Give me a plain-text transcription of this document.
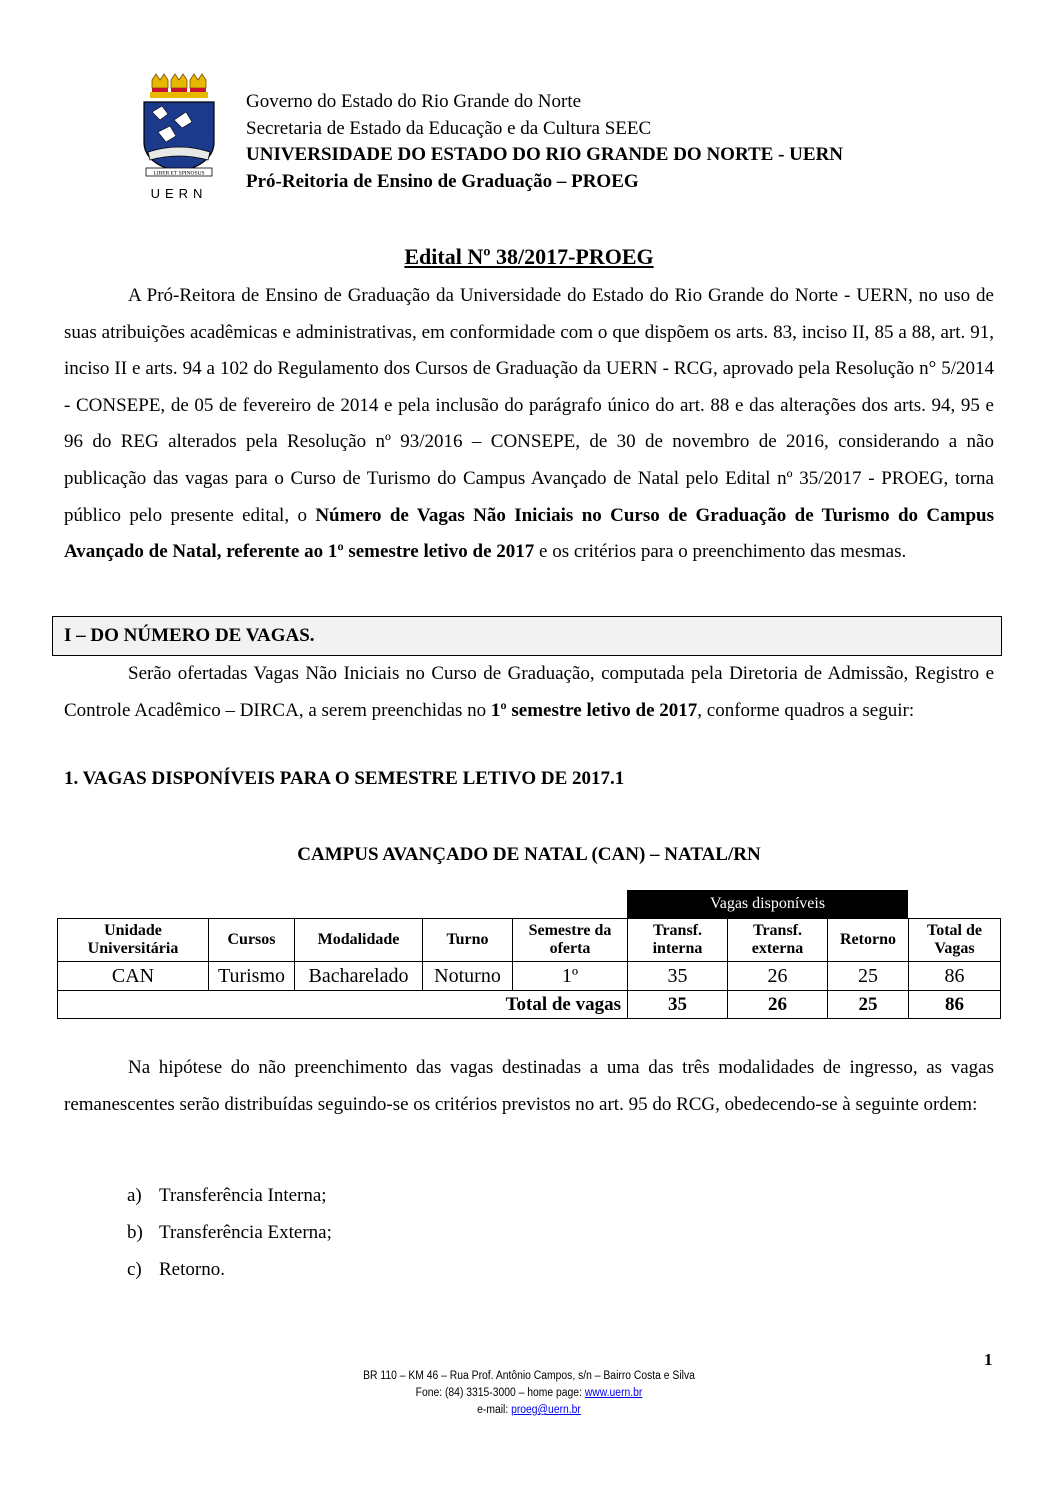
LIBER ET SPINOSUS
UERN
Governo do Estado do Rio Grande do Norte
Secretaria de Estado da Educação e da Cultura SEEC
UNIVERSIDADE DO ESTADO DO RIO GRANDE DO NORTE - UERN
Pró-Reitoria de Ensino de Graduação – PROEG
Edital Nº 38/2017-PROEG
A Pró-Reitora de Ensino de Graduação da Universidade do Estado do Rio Grande do Norte - UERN, no uso de suas atribuições acadêmicas e administrativas, em conformidade com o que dispõem os arts. 83, inciso II, 85 a 88, art. 91, inciso II e arts. 94 a 102 do Regulamento dos Cursos de Graduação da UERN - RCG, aprovado pela Resolução n° 5/2014 - CONSEPE, de 05 de fevereiro de 2014 e pela inclusão do parágrafo único do art. 88 e das alterações dos arts. 94, 95 e 96 do REG alterados pela Resolução nº 93/2016 – CONSEPE, de 30 de novembro de 2016, considerando a não publicação das vagas para o Curso de Turismo do Campus Avançado de Natal pelo Edital nº 35/2017 - PROEG, torna público pelo presente edital, o Número de Vagas Não Iniciais no Curso de Graduação de Turismo do Campus Avançado de Natal, referente ao 1º semestre letivo de 2017 e os critérios para o preenchimento das mesmas.
I – DO NÚMERO DE VAGAS.
Serão ofertadas Vagas Não Iniciais no Curso de Graduação, computada pela Diretoria de Admissão, Registro e Controle Acadêmico – DIRCA, a serem preenchidas no 1º semestre letivo de 2017, conforme quadros a seguir:
1. VAGAS DISPONÍVEIS PARA O SEMESTRE LETIVO DE 2017.1
CAMPUS AVANÇADO DE NATAL (CAN) – NATAL/RN
Vagas disponíveis
Unidade Universitária	Cursos	Modalidade	Turno	Semestre da oferta	Transf. interna	Transf. externa	Retorno	Total de Vagas
CAN	Turismo	Bacharelado	Noturno	1º	35	26	25	86
Total de vagas					35	26	25	86
Na hipótese do não preenchimento das vagas destinadas a uma das três modalidades de ingresso, as vagas remanescentes serão distribuídas seguindo-se os critérios previstos no art. 95 do RCG, obedecendo-se à seguinte ordem:
a) Transferência Interna;
b) Transferência Externa;
c) Retorno.
1
BR 110 – KM 46 – Rua Prof. Antônio Campos, s/n – Bairro Costa e Silva
Fone: (84) 3315-3000 – home page: www.uern.br
e-mail: proeg@uern.br
